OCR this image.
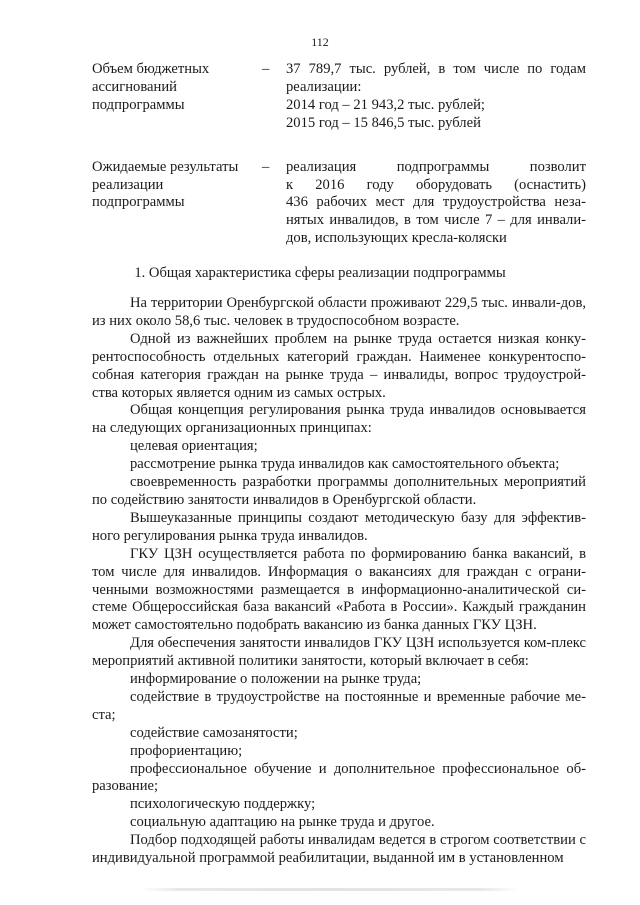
112
Объем бюджетных
ассигнований
подпрограммы
–	37 789,7 тыс. рублей, в том числе по годам
реализации:
2014 год – 21 943,2 тыс. рублей;
2015 год – 15 846,5 тыс. рублей
Ожидаемые результаты
реализации
подпрограммы
–	реализация подпрограммы позволит
к 2016 году оборудовать (оснастить)
436 рабочих мест для трудоустройства неза-
нятых инвалидов, в том числе 7 – для инвали-
дов, использующих кресла-коляски
1. Общая характеристика сферы реализации подпрограммы

На территории Оренбургской области проживают 229,5 тыс. инвали-дов, из них около 58,6 тыс. человек в трудоспособном возрасте.

Одной из важнейших проблем на рынке труда остается низкая конку-рентоспособность отдельных категорий граждан. Наименее конкурентоспо-собная категория граждан на рынке труда – инвалиды, вопрос трудоустрой-ства которых является одним из самых острых.

Общая концепция регулирования рынка труда инвалидов основывается на следующих организационных принципах:

целевая ориентация;

рассмотрение рынка труда инвалидов как самостоятельного объекта;

своевременность разработки программы дополнительных мероприятий по содействию занятости инвалидов в Оренбургской области.

Вышеуказанные принципы создают методическую базу для эффектив-ного регулирования рынка труда инвалидов.

ГКУ ЦЗН осуществляется работа по формированию банка вакансий, в том числе для инвалидов. Информация о вакансиях для граждан с ограни-ченными возможностями размещается в информационно-аналитической си-стеме Общероссийская база вакансий «Работа в России». Каждый гражданин может самостоятельно подобрать вакансию из банка данных ГКУ ЦЗН.

Для обеспечения занятости инвалидов ГКУ ЦЗН используется ком-плекс мероприятий активной политики занятости, который включает в себя:

информирование о положении на рынке труда;

содействие в трудоустройстве на постоянные и временные рабочие ме-ста;

содействие самозанятости;

профориентацию;

профессиональное обучение и дополнительное профессиональное об-разование;

психологическую поддержку;

социальную адаптацию на рынке труда и другое.

Подбор подходящей работы инвалидам ведется в строгом соответствии с индивидуальной программой реабилитации, выданной им в установленном
